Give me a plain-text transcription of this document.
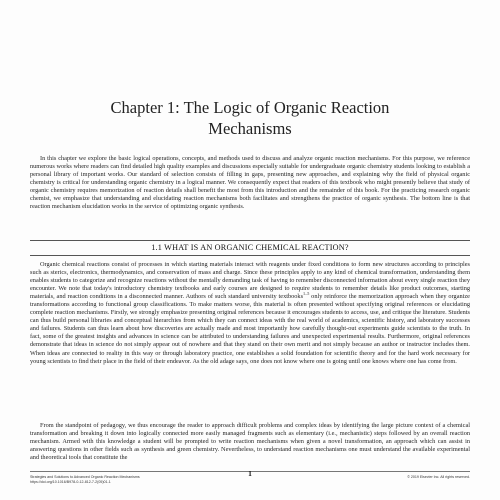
Chapter 1: The Logic of Organic Reaction
Mechanisms

In this chapter we explore the basic logical operations, concepts, and methods used to discuss and analyze organic reaction mechanisms. For this purpose, we reference numerous works where readers can find detailed high quality examples and discussions especially suitable for undergraduate organic chemistry students looking to establish a personal library of important works. Our standard of selection consists of filling in gaps, presenting new approaches, and explaining why the field of physical organic chemistry is critical for understanding organic chemistry in a logical manner. We consequently expect that readers of this textbook who might presently believe that study of organic chemistry requires memorization of reaction details shall benefit the most from this introduction and the remainder of this book. For the practicing research organic chemist, we emphasize that understanding and elucidating reaction mechanisms both facilitates and strengthens the practice of organic synthesis. The bottom line is that reaction mechanism elucidation works in the service of optimizing organic synthesis.

1.1 WHAT IS AN ORGANIC CHEMICAL REACTION?

Organic chemical reactions consist of processes in which starting materials interact with reagents under fixed conditions to form new structures according to principles such as sterics, electronics, thermodynamics, and conservation of mass and charge. Since these principles apply to any kind of chemical transformation, understanding them enables students to categorize and recognize reactions without the mentally demanding task of having to remember disconnected information about every single reaction they encounter. We note that today's introductory chemistry textbooks and early courses are designed to require students to remember details like product outcomes, starting materials, and reaction conditions in a disconnected manner. Authors of such standard university textbooks$^{1-5}$ only reinforce the memorization approach when they organize transformations according to functional group classifications. To make matters worse, this material is often presented without specifying original references or elucidating complete reaction mechanisms. Firstly, we strongly emphasize presenting original references because it encourages students to access, use, and critique the literature. Students can thus build personal libraries and conceptual hierarchies from which they can connect ideas with the real world of academics, scientific history, and laboratory successes and failures. Students can thus learn about how discoveries are actually made and most importantly how carefully thought-out experiments guide scientists to the truth. In fact, some of the greatest insights and advances in science can be attributed to understanding failures and unexpected experimental results. Furthermore, original references demonstrate that ideas in science do not simply appear out of nowhere and that they stand on their own merit and not simply because an author or instructor includes them. When ideas are connected to reality in this way or through laboratory practice, one establishes a solid foundation for scientific theory and for the hard work necessary for young scientists to find their place in the field of their endeavor. As the old adage says, one does not know where one is going until one knows where one has come from.

From the standpoint of pedagogy, we thus encourage the reader to approach difficult problems and complex ideas by identifying the large picture context of a chemical transformation and breaking it down into logically connected more easily managed fragments such as elementary (i.e., mechanistic) steps followed by an overall reaction mechanism. Armed with this knowledge a student will be prompted to write reaction mechanisms when given a novel transformation, an approach which can assist in answering questions in other fields such as synthesis and green chemistry. Nevertheless, to understand reaction mechanisms one must understand the available experimental and theoretical tools that constitute the

Strategies and Solutions to Advanced Organic Reaction Mechanisms
https://doi.org/10.1016/B978-0-12-812-7-2(05)01-1
1	© 2019 Elsevier Inc. All rights reserved.
